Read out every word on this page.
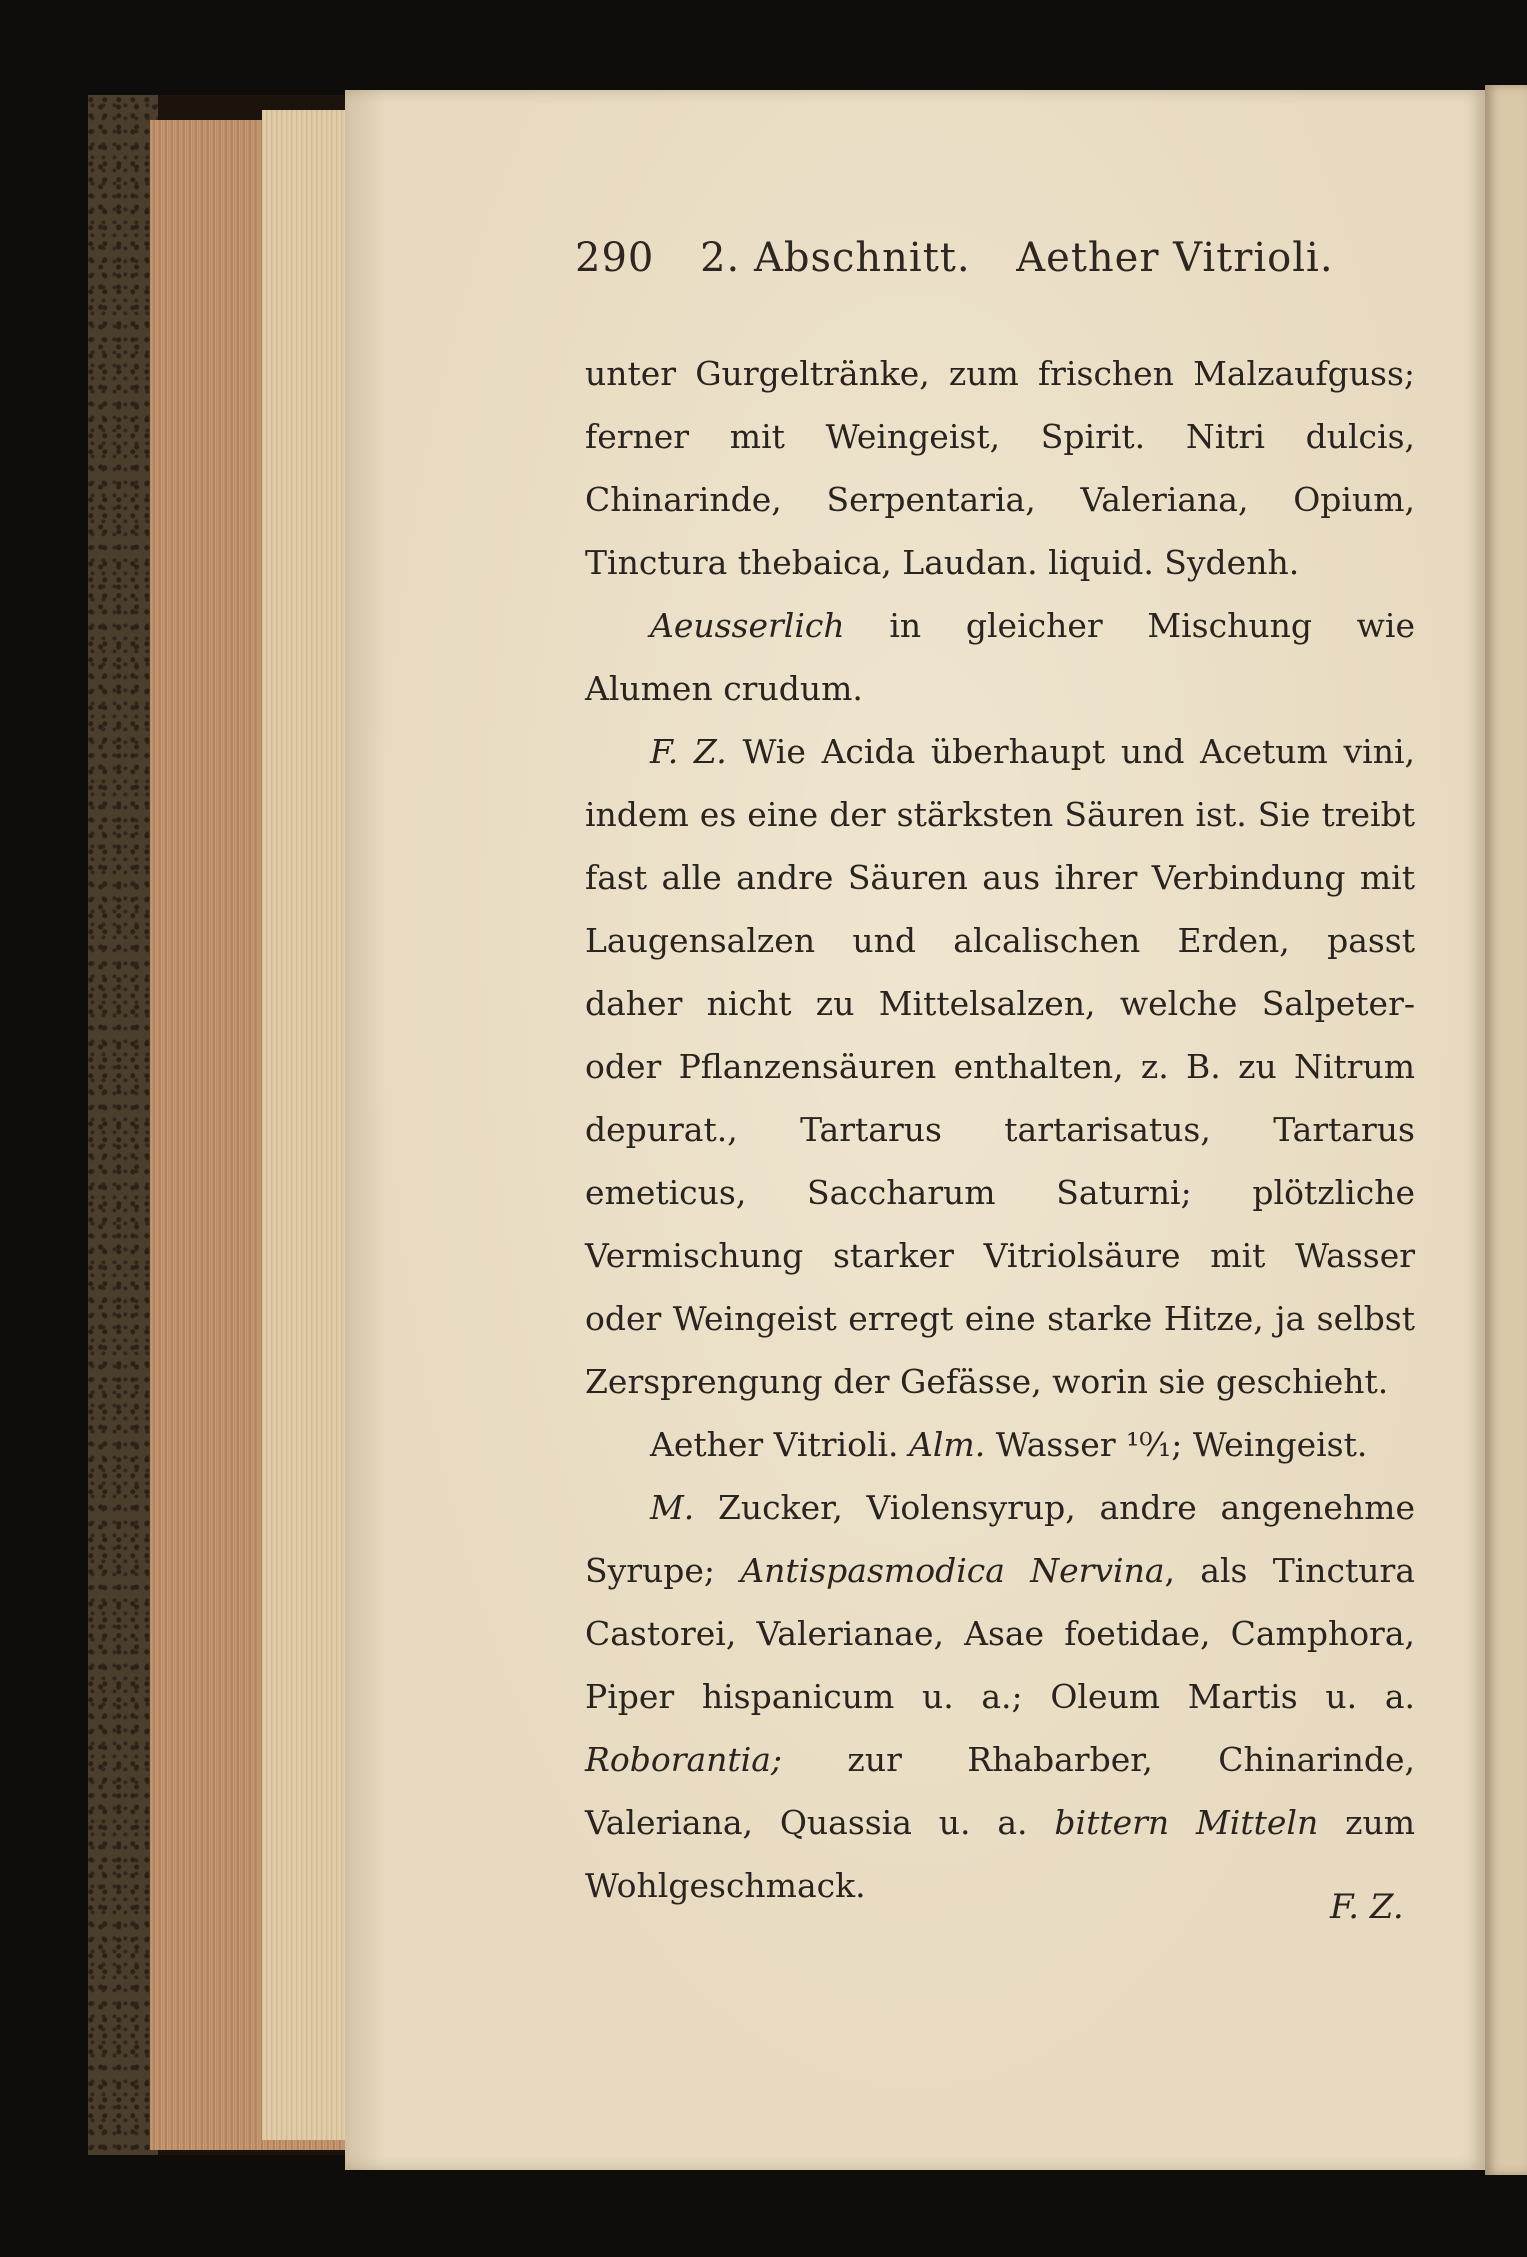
290 2. Abschnitt. Aether Vitrioli.

unter Gurgeltränke, zum frischen Malzaufguss; ferner mit Weingeist, Spirit. Nitri dulcis, Chinarinde, Serpentaria, Valeriana, Opium, Tinctura thebaica, Laudan. liquid. Sydenh.

Aeusserlich in gleicher Mischung wie Alumen crudum.

F. Z. Wie Acida überhaupt und Acetum vini, indem es eine der stärksten Säuren ist. Sie treibt fast alle andre Säuren aus ihrer Verbindung mit Laugensalzen und alcalischen Erden, passt daher nicht zu Mittelsalzen, welche Salpeter- oder Pflanzensäuren enthalten, z. B. zu Nitrum depurat., Tartarus tartarisatus, Tartarus emeticus, Saccharum Saturni; plötzliche Vermischung starker Vitriolsäure mit Wasser oder Weingeist erregt eine starke Hitze, ja selbst Zersprengung der Gefässe, worin sie geschieht.

Aether Vitrioli. Alm. Wasser ¹⁰⁄₁; Weingeist.

M. Zucker, Violensyrup, andre angenehme Syrupe; Antispasmodica Nervina, als Tinctura Castorei, Valerianae, Asae foetidae, Camphora, Piper hispanicum u. a.; Oleum Martis u. a. Roborantia; zur Rhabarber, Chinarinde, Valeriana, Quassia u. a. bittern Mitteln zum Wohlgeschmack.

F. Z.
